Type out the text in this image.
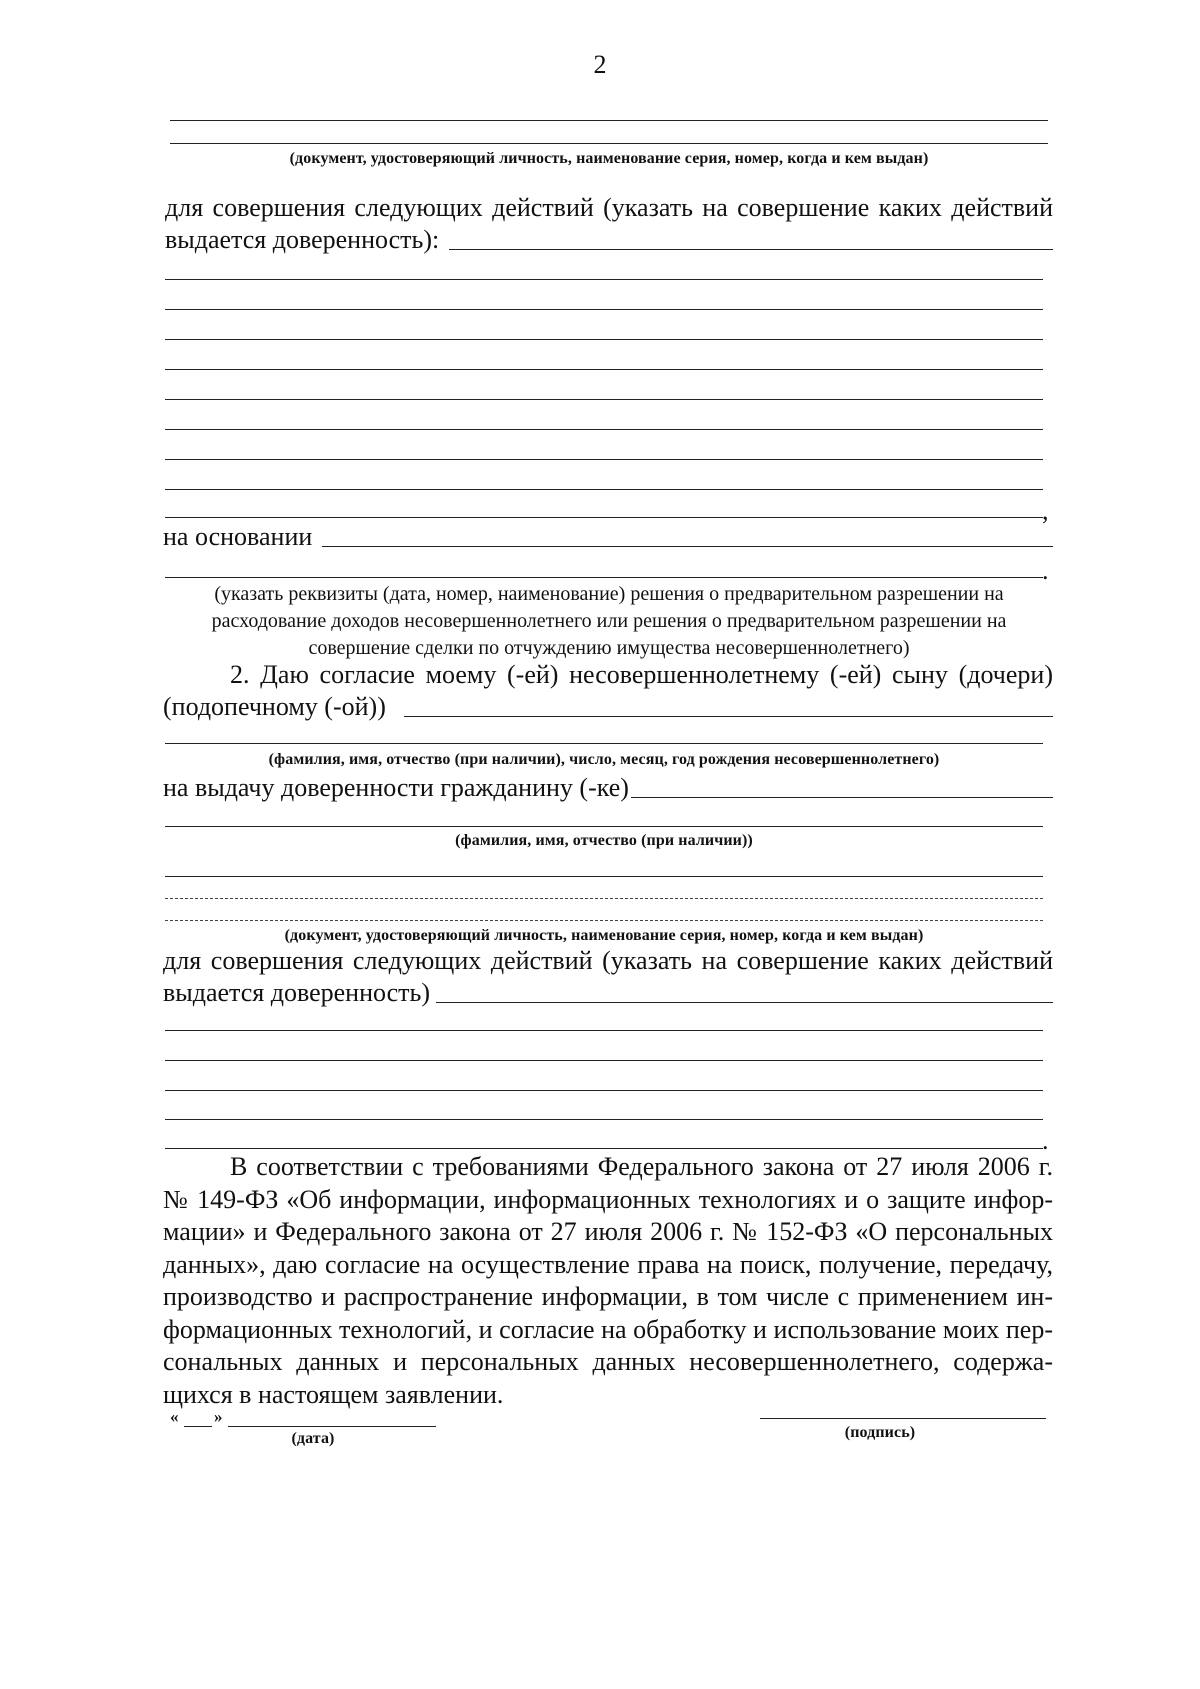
2
(документ, удостоверяющий личность, наименование серия, номер, когда и кем выдан)
для совершения следующих действий (указать на совершение каких действий
выдается доверенность):
,
на основании
.
(указать реквизиты (дата, номер, наименование) решения о предварительном разрешении на
расходование доходов несовершеннолетнего или решения о предварительном разрешении на
совершение сделки по отчуждению имущества несовершеннолетнего)
2. Даю согласие моему (-ей) несовершеннолетнему (-ей) сыну (дочери)
(подопечному (-ой))
(фамилия, имя, отчество (при наличии), число, месяц, год рождения несовершеннолетнего)
на выдачу доверенности гражданину (-ке)
(фамилия, имя, отчество (при наличии))
(документ, удостоверяющий личность, наименование серия, номер, когда и кем выдан)
для совершения следующих действий (указать на совершение каких действий
выдается доверенность)
.

В соответствии с требованиями Федерального закона от 27 июля 2006 г.

№ 149-ФЗ «Об информации, информационных технологиях и о защите инфор-

мации» и Федерального закона от 27 июля 2006 г. № 152-ФЗ «О персональных

данных», даю согласие на осуществление права на поиск, получение, передачу,

производство и распространение информации, в том числе с применением ин-

формационных технологий, и согласие на обработку и использование моих пер-

сональных данных и персональных данных несовершеннолетнего, содержа-

щихся в настоящем заявлении.

« »
(дата)	(подпись)
